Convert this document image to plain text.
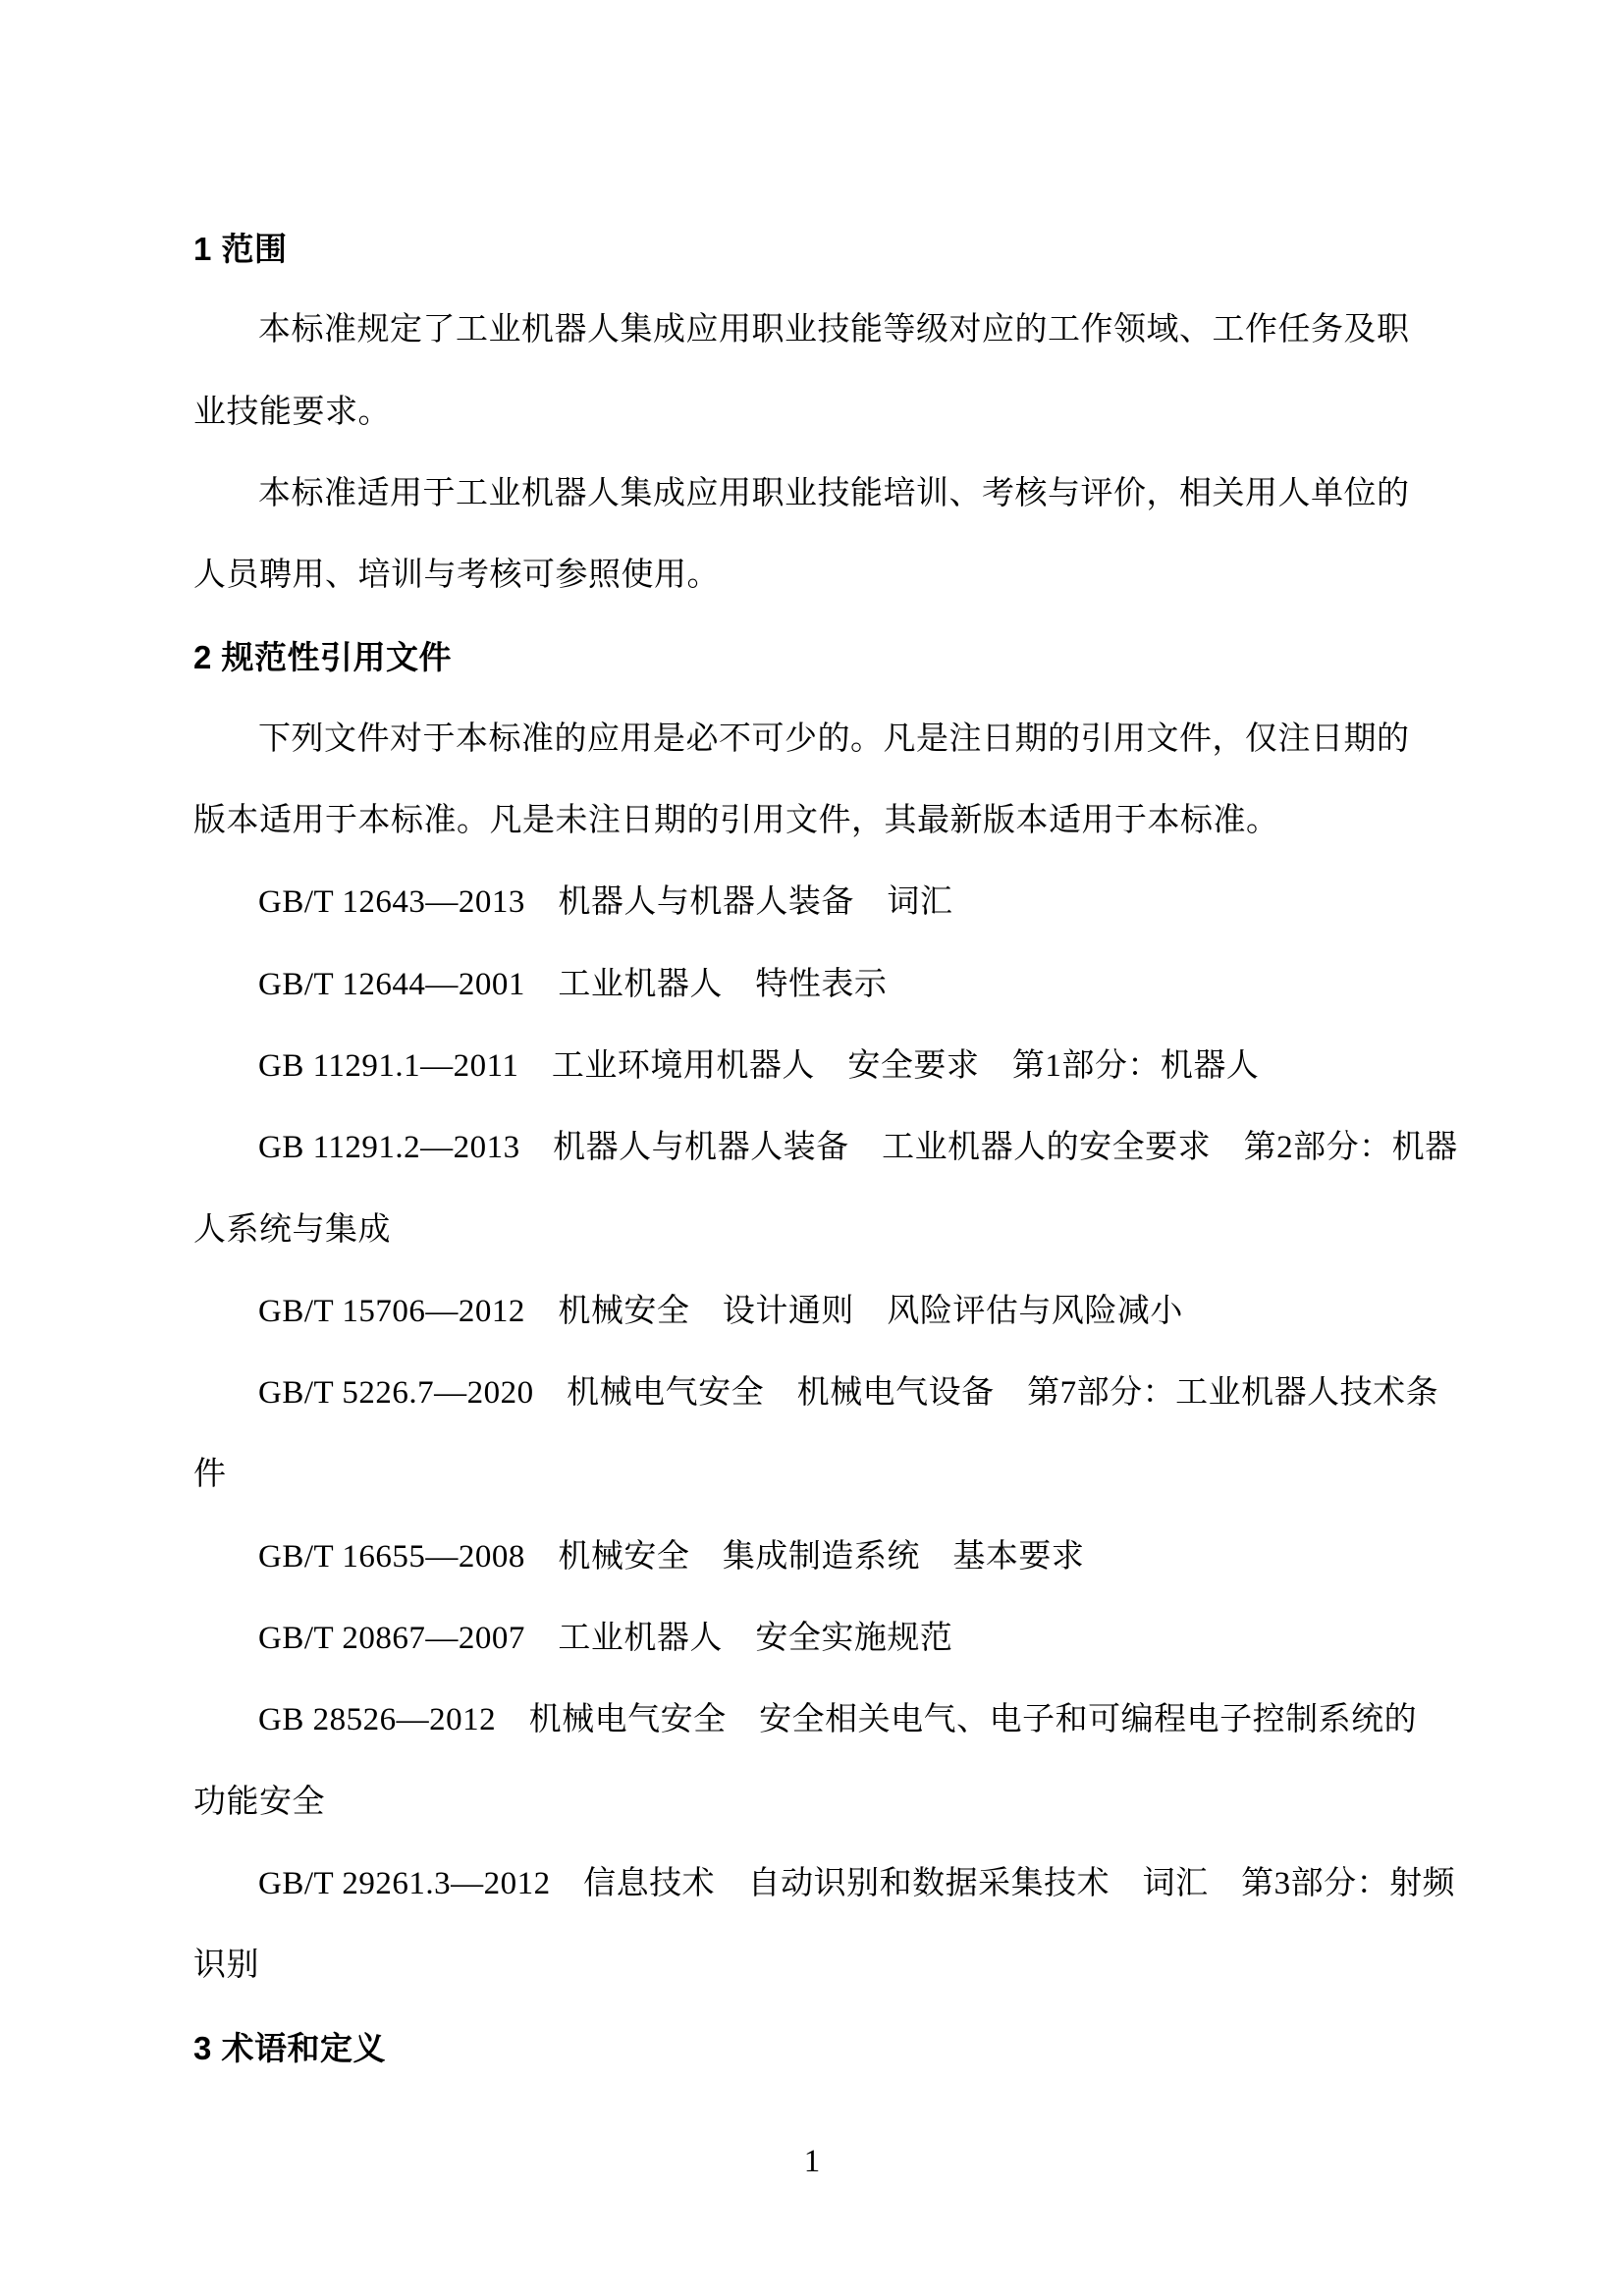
1 范围
本标准规定了工业机器人集成应用职业技能等级对应的工作领域、工作任务及职
业技能要求。
本标准适用于工业机器人集成应用职业技能培训、考核与评价，相关用人单位的
人员聘用、培训与考核可参照使用。
2 规范性引用文件
下列文件对于本标准的应用是必不可少的。凡是注日期的引用文件，仅注日期的
版本适用于本标准。凡是未注日期的引用文件，其最新版本适用于本标准。
GB/T 12643—2013　机器人与机器人装备　词汇
GB/T 12644—2001　工业机器人　特性表示
GB 11291.1—2011　工业环境用机器人　安全要求　第1部分：机器人
GB 11291.2—2013　机器人与机器人装备　工业机器人的安全要求　第2部分：机器
人系统与集成
GB/T 15706—2012　机械安全　设计通则　风险评估与风险减小
GB/T 5226.7—2020　机械电气安全　机械电气设备　第7部分：工业机器人技术条
件
GB/T 16655—2008　机械安全　集成制造系统　基本要求
GB/T 20867—2007　工业机器人　安全实施规范
GB 28526—2012　机械电气安全　安全相关电气、电子和可编程电子控制系统的
功能安全
GB/T 29261.3—2012　信息技术　自动识别和数据采集技术　词汇　第3部分：射频
识别
3 术语和定义
1
